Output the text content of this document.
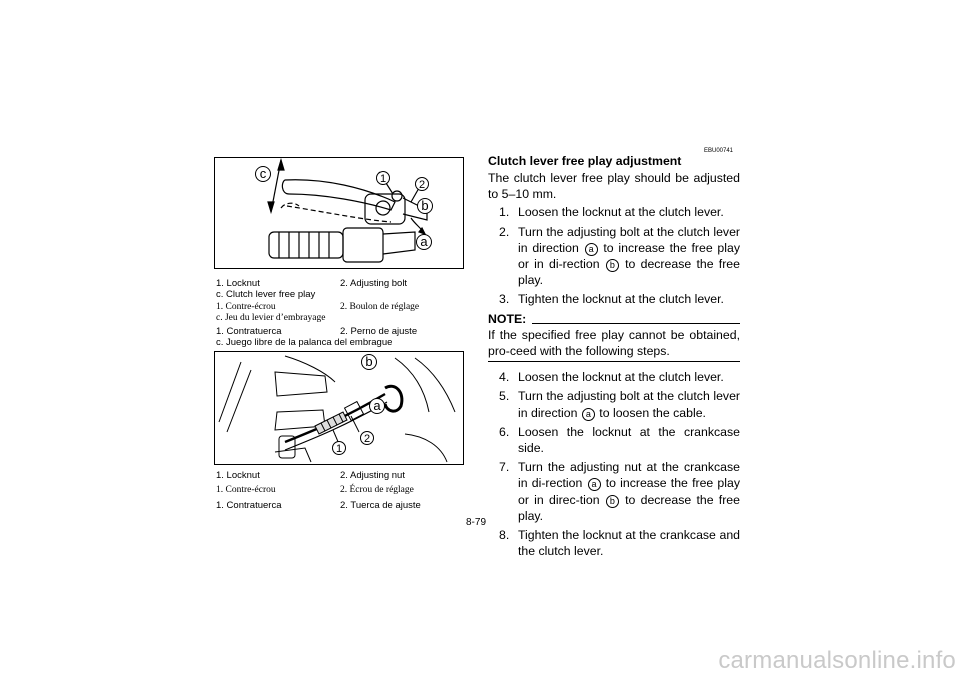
c	1	2
b
a
1. Locknut	2. Adjusting bolt
c. Clutch lever free play
1. Contre-écrou	2. Boulon de réglage
c. Jeu du levier d’embrayage
1. Contratuerca	2. Perno de ajuste
c. Juego libre de la palanca del embrague
b
a
1
2
1. Locknut	2. Adjusting nut
1. Contre-écrou	2. Écrou de réglage
1. Contratuerca	2. Tuerca de ajuste
EBU00741
Clutch lever free play adjustment
The clutch lever free play should be adjusted to 5–10 mm.
1. Loosen the locknut at the clutch lever.
2. Turn the adjusting bolt at the clutch lever in direction a to increase the free play or in di-rection b to decrease the free play.
3. Tighten the locknut at the clutch lever.
NOTE:
If the specified free play cannot be obtained, pro-ceed with the following steps.
4. Loosen the locknut at the clutch lever.
5. Turn the adjusting bolt at the clutch lever in direction a to loosen the cable.
6. Loosen the locknut at the crankcase side.
7. Turn the adjusting nut at the crankcase in di-rection a to increase the free play or in direc-tion b to decrease the free play.
8. Tighten the locknut at the crankcase and the clutch lever.
8-79
carmanualsonline.info
